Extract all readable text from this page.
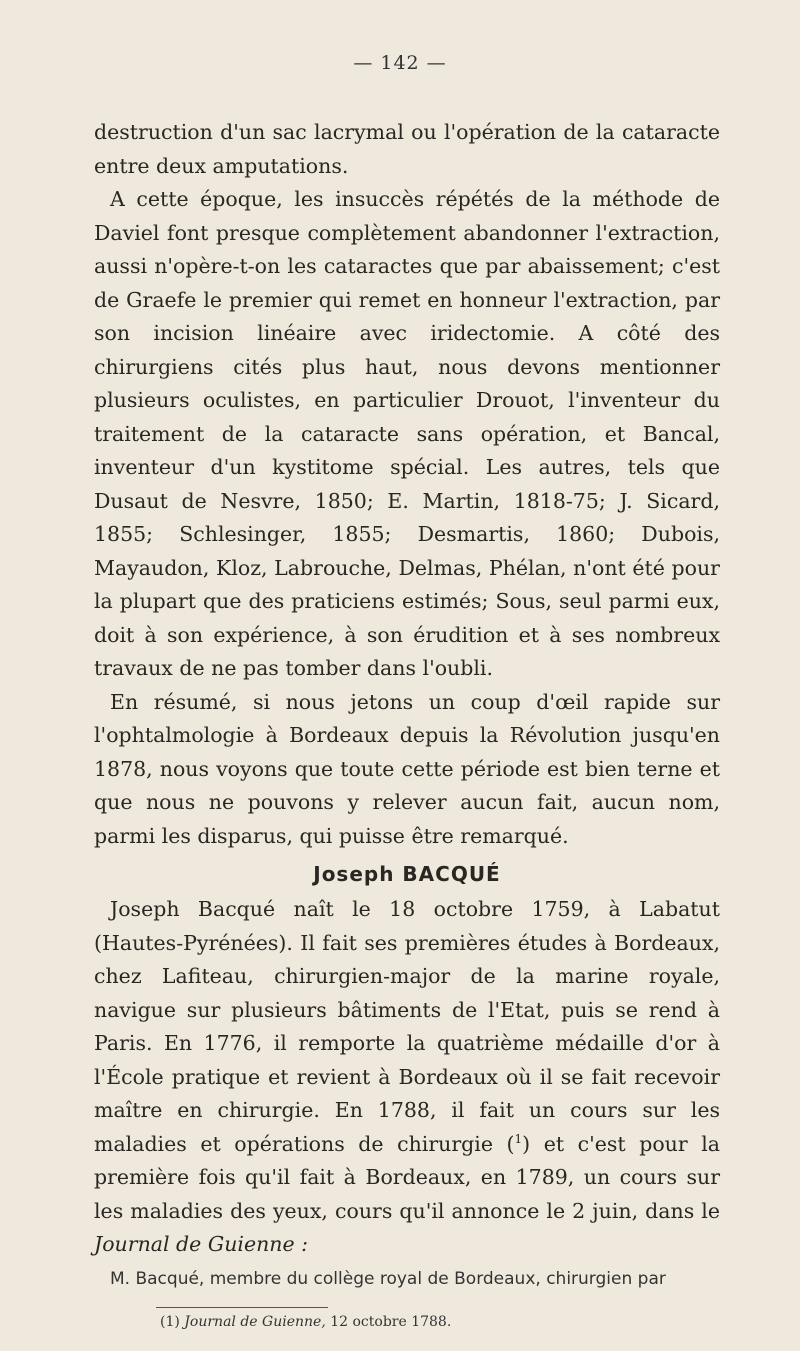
— 142 —

destruction d'un sac lacrymal ou l'opération de la cataracte entre deux amputations.

A cette époque, les insuccès répétés de la méthode de Daviel font presque complètement abandonner l'extraction, aussi n'opère-t-on les cataractes que par abaissement; c'est de Graefe le premier qui remet en honneur l'extraction, par son incision linéaire avec iridectomie. A côté des chirurgiens cités plus haut, nous devons mentionner plusieurs oculistes, en particulier Drouot, l'inventeur du traitement de la cataracte sans opération, et Bancal, inventeur d'un kystitome spécial. Les autres, tels que Dusaut de Nesvre, 1850; E. Martin, 1818-75; J. Sicard, 1855; Schlesinger, 1855; Desmartis, 1860; Dubois, Mayaudon, Kloz, Labrouche, Delmas, Phélan, n'ont été pour la plupart que des praticiens estimés; Sous, seul parmi eux, doit à son expérience, à son érudition et à ses nombreux travaux de ne pas tomber dans l'oubli.

En résumé, si nous jetons un coup d'œil rapide sur l'ophtalmologie à Bordeaux depuis la Révolution jusqu'en 1878, nous voyons que toute cette période est bien terne et que nous ne pouvons y relever aucun fait, aucun nom, parmi les disparus, qui puisse être remarqué.

Joseph BACQUÉ

Joseph Bacqué naît le 18 octobre 1759, à Labatut (Hautes-Pyrénées). Il fait ses premières études à Bordeaux, chez Lafiteau, chirurgien-major de la marine royale, navigue sur plusieurs bâtiments de l'Etat, puis se rend à Paris. En 1776, il remporte la quatrième médaille d'or à l'École pratique et revient à Bordeaux où il se fait recevoir maître en chirurgie. En 1788, il fait un cours sur les maladies et opérations de chirurgie ($^1$) et c'est pour la première fois qu'il fait à Bordeaux, en 1789, un cours sur les maladies des yeux, cours qu'il annonce le 2 juin, dans le Journal de Guienne :

M. Bacqué, membre du collège royal de Bordeaux, chirurgien par

(1) Journal de Guienne, 12 octobre 1788.
